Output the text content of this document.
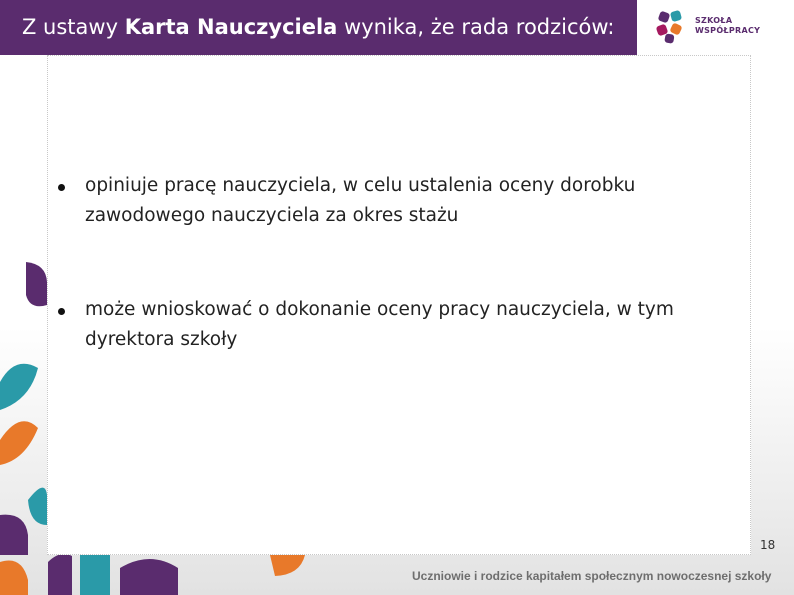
Z ustawy Karta Nauczyciela wynika, że rada rodziców:	SZKOŁA
WSPÓŁPRACY
opiniuje pracę nauczyciela, w celu ustalenia oceny dorobku zawodowego nauczyciela za okres stażu
może wnioskować o dokonanie oceny pracy nauczyciela, w tym dyrektora szkoły
18
Uczniowie i rodzice kapitałem społecznym nowoczesnej szkoły
